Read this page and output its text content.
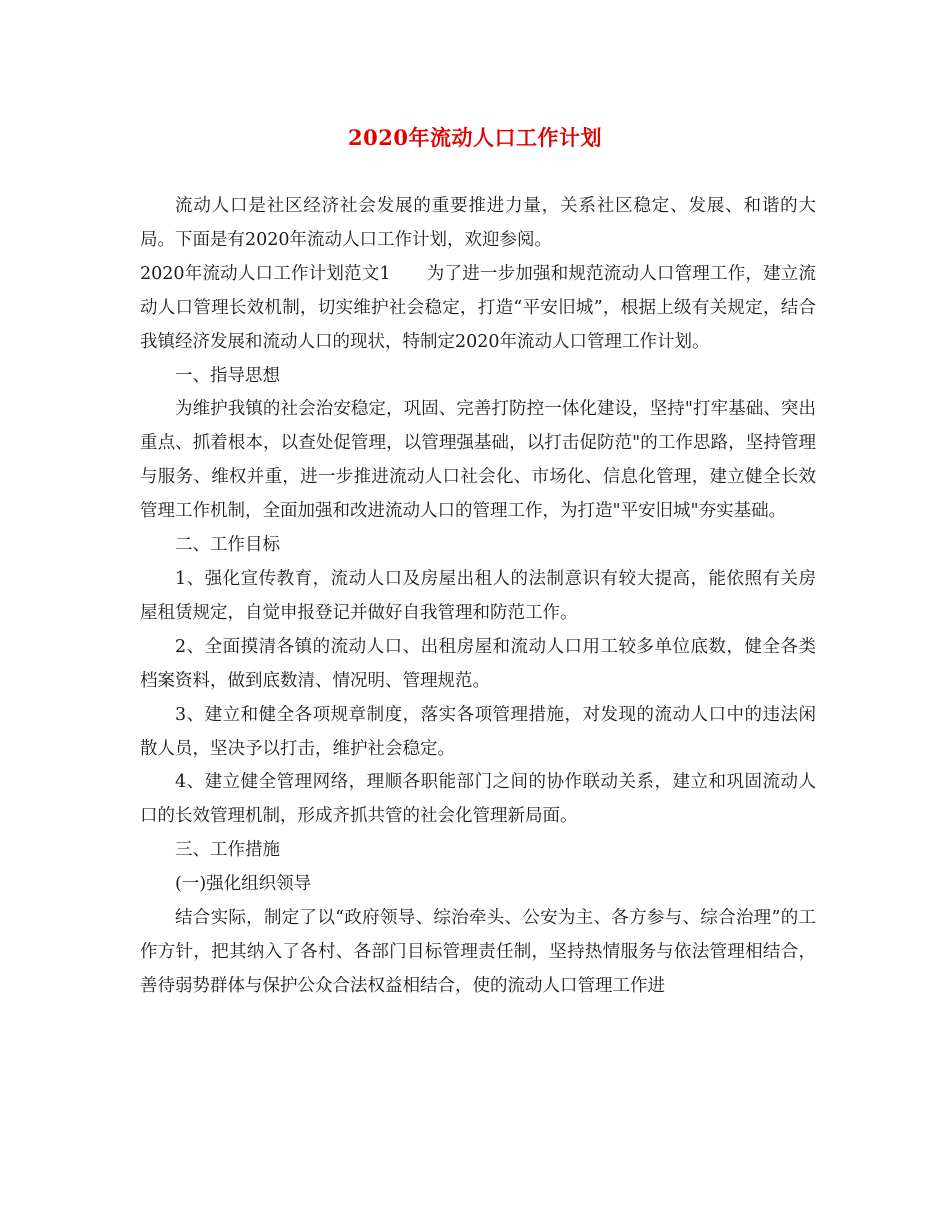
2020年流动人口工作计划

流动人口是社区经济社会发展的重要推进力量，关系社区稳定、发展、和谐的大局。下面是有2020年流动人口工作计划，欢迎参阅。

2020年流动人口工作计划范文1 为了进一步加强和规范流动人口管理工作，建立流动人口管理长效机制，切实维护社会稳定，打造“平安旧城”，根据上级有关规定，结合我镇经济发展和流动人口的现状，特制定2020年流动人口管理工作计划。

一、指导思想

为维护我镇的社会治安稳定，巩固、完善打防控一体化建设，坚持"打牢基础、突出重点、抓着根本，以查处促管理，以管理强基础，以打击促防范"的工作思路，坚持管理与服务、维权并重，进一步推进流动人口社会化、市场化、信息化管理，建立健全长效管理工作机制，全面加强和改进流动人口的管理工作，为打造"平安旧城"夯实基础。

二、工作目标

1、强化宣传教育，流动人口及房屋出租人的法制意识有较大提高，能依照有关房屋租赁规定，自觉申报登记并做好自我管理和防范工作。

2、全面摸清各镇的流动人口、出租房屋和流动人口用工较多单位底数，健全各类档案资料，做到底数清、情况明、管理规范。

3、建立和健全各项规章制度，落实各项管理措施，对发现的流动人口中的违法闲散人员，坚决予以打击，维护社会稳定。

4、建立健全管理网络，理顺各职能部门之间的协作联动关系，建立和巩固流动人口的长效管理机制，形成齐抓共管的社会化管理新局面。

三、工作措施

(一)强化组织领导

结合实际，制定了以“政府领导、综治牵头、公安为主、各方参与、综合治理”的工作方针，把其纳入了各村、各部门目标管理责任制，坚持热情服务与依法管理相结合，善待弱势群体与保护公众合法权益相结合，使的流动人口管理工作进
